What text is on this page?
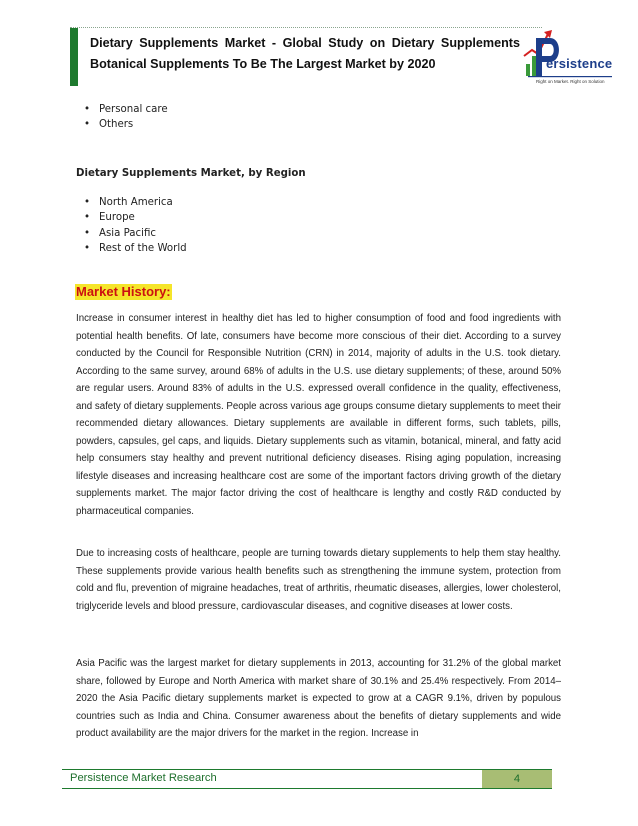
Dietary Supplements Market - Global Study on Dietary Supplements
Botanical Supplements To Be The Largest Market by 2020	ersistence
Right on Market. Right on Solution
• Personal care
• Others
Dietary Supplements Market, by Region
• North America
• Europe
• Asia Pacific
• Rest of the World
Market History:

Increase in consumer interest in healthy diet has led to higher consumption of food and food ingredients with potential health benefits. Of late, consumers have become more conscious of their diet. According to a survey conducted by the Council for Responsible Nutrition (CRN) in 2014, majority of adults in the U.S. took dietary. According to the same survey, around 68% of adults in the U.S. use dietary supplements; of these, around 50% are regular users. Around 83% of adults in the U.S. expressed overall confidence in the quality, effectiveness, and safety of dietary supplements. People across various age groups consume dietary supplements to meet their recommended dietary allowances. Dietary supplements are available in different forms, such tablets, pills, powders, capsules, gel caps, and liquids. Dietary supplements such as vitamin, botanical, mineral, and fatty acid help consumers stay healthy and prevent nutritional deficiency diseases. Rising aging population, increasing lifestyle diseases and increasing healthcare cost are some of the important factors driving growth of the dietary supplements market. The major factor driving the cost of healthcare is lengthy and costly R&D conducted by pharmaceutical companies.

Due to increasing costs of healthcare, people are turning towards dietary supplements to help them stay healthy. These supplements provide various health benefits such as strengthening the immune system, protection from cold and flu, prevention of migraine headaches, treat of arthritis, rheumatic diseases, allergies, lower cholesterol, triglyceride levels and blood pressure, cardiovascular diseases, and cognitive diseases at lower costs.

Asia Pacific was the largest market for dietary supplements in 2013, accounting for 31.2% of the global market share, followed by Europe and North America with market share of 30.1% and 25.4% respectively. From 2014–2020 the Asia Pacific dietary supplements market is expected to grow at a CAGR 9.1%, driven by populous countries such as India and China. Consumer awareness about the benefits of dietary supplements and wide product availability are the major drivers for the market in the region. Increase in

Persistence Market Research	4
